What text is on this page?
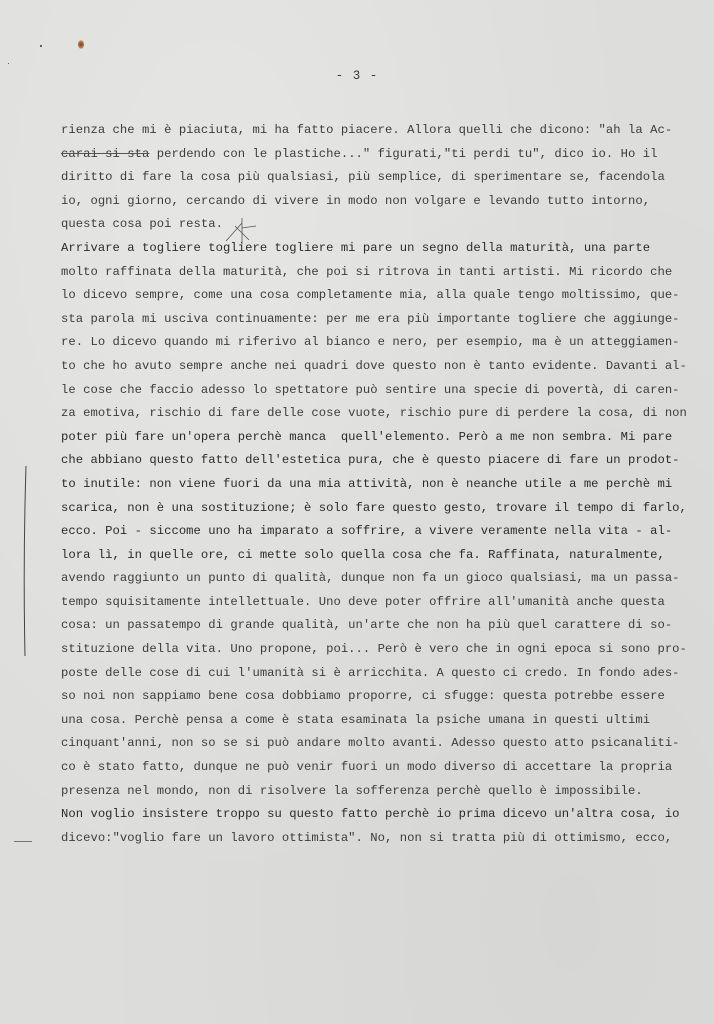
- 3 -
rienza che mi è piaciuta, mi ha fatto piacere. Allora quelli che dicono: "ah la Ac-
carai si sta perdendo con le plastiche..." figurati,"ti perdi tu", dico io. Ho il
diritto di fare la cosa più qualsiasi, più semplice, di sperimentare se, facendola
io, ogni giorno, cercando di vivere in modo non volgare e levando tutto intorno,
questa cosa poi resta.
Arrivare a togliere togliere togliere mi pare un segno della maturità, una parte
molto raffinata della maturità, che poi si ritrova in tanti artisti. Mi ricordo che
lo dicevo sempre, come una cosa completamente mia, alla quale tengo moltissimo, que-
sta parola mi usciva continuamente: per me era più importante togliere che aggiunge-
re. Lo dicevo quando mi riferivo al bianco e nero, per esempio, ma è un atteggiamen-
to che ho avuto sempre anche nei quadri dove questo non è tanto evidente. Davanti al-
le cose che faccio adesso lo spettatore può sentire una specie di povertà, di caren-
za emotiva, rischio di fare delle cose vuote, rischio pure di perdere la cosa, di non
poter più fare un'opera perchè manca  quell'elemento. Però a me non sembra. Mi pare
che abbiano questo fatto dell'estetica pura, che è questo piacere di fare un prodot-
to inutile: non viene fuori da una mia attività, non è neanche utile a me perchè mi
scarica, non è una sostituzione; è solo fare questo gesto, trovare il tempo di farlo,
ecco. Poi - siccome uno ha imparato a soffrire, a vivere veramente nella vita - al-
lora lì, in quelle ore, ci mette solo quella cosa che fa. Raffinata, naturalmente,
avendo raggiunto un punto di qualità, dunque non fa un gioco qualsiasi, ma un passa-
tempo squisitamente intellettuale. Uno deve poter offrire all'umanità anche questa
cosa: un passatempo di grande qualità, un'arte che non ha più quel carattere di so-
stituzione della vita. Uno propone, poi... Però è vero che in ogni epoca si sono pro-
poste delle cose di cui l'umanità si è arricchita. A questo ci credo. In fondo ades-
so noi non sappiamo bene cosa dobbiamo proporre, ci sfugge: questa potrebbe essere
una cosa. Perchè pensa a come è stata esaminata la psiche umana in questi ultimi
cinquant'anni, non so se si può andare molto avanti. Adesso questo atto psicanaliti-
co è stato fatto, dunque ne può venir fuori un modo diverso di accettare la propria
presenza nel mondo, non di risolvere la sofferenza perchè quello è impossibile.
Non voglio insistere troppo su questo fatto perchè io prima dicevo un'altra cosa, io
dicevo:"voglio fare un lavoro ottimista". No, non si tratta più di ottimismo, ecco,
